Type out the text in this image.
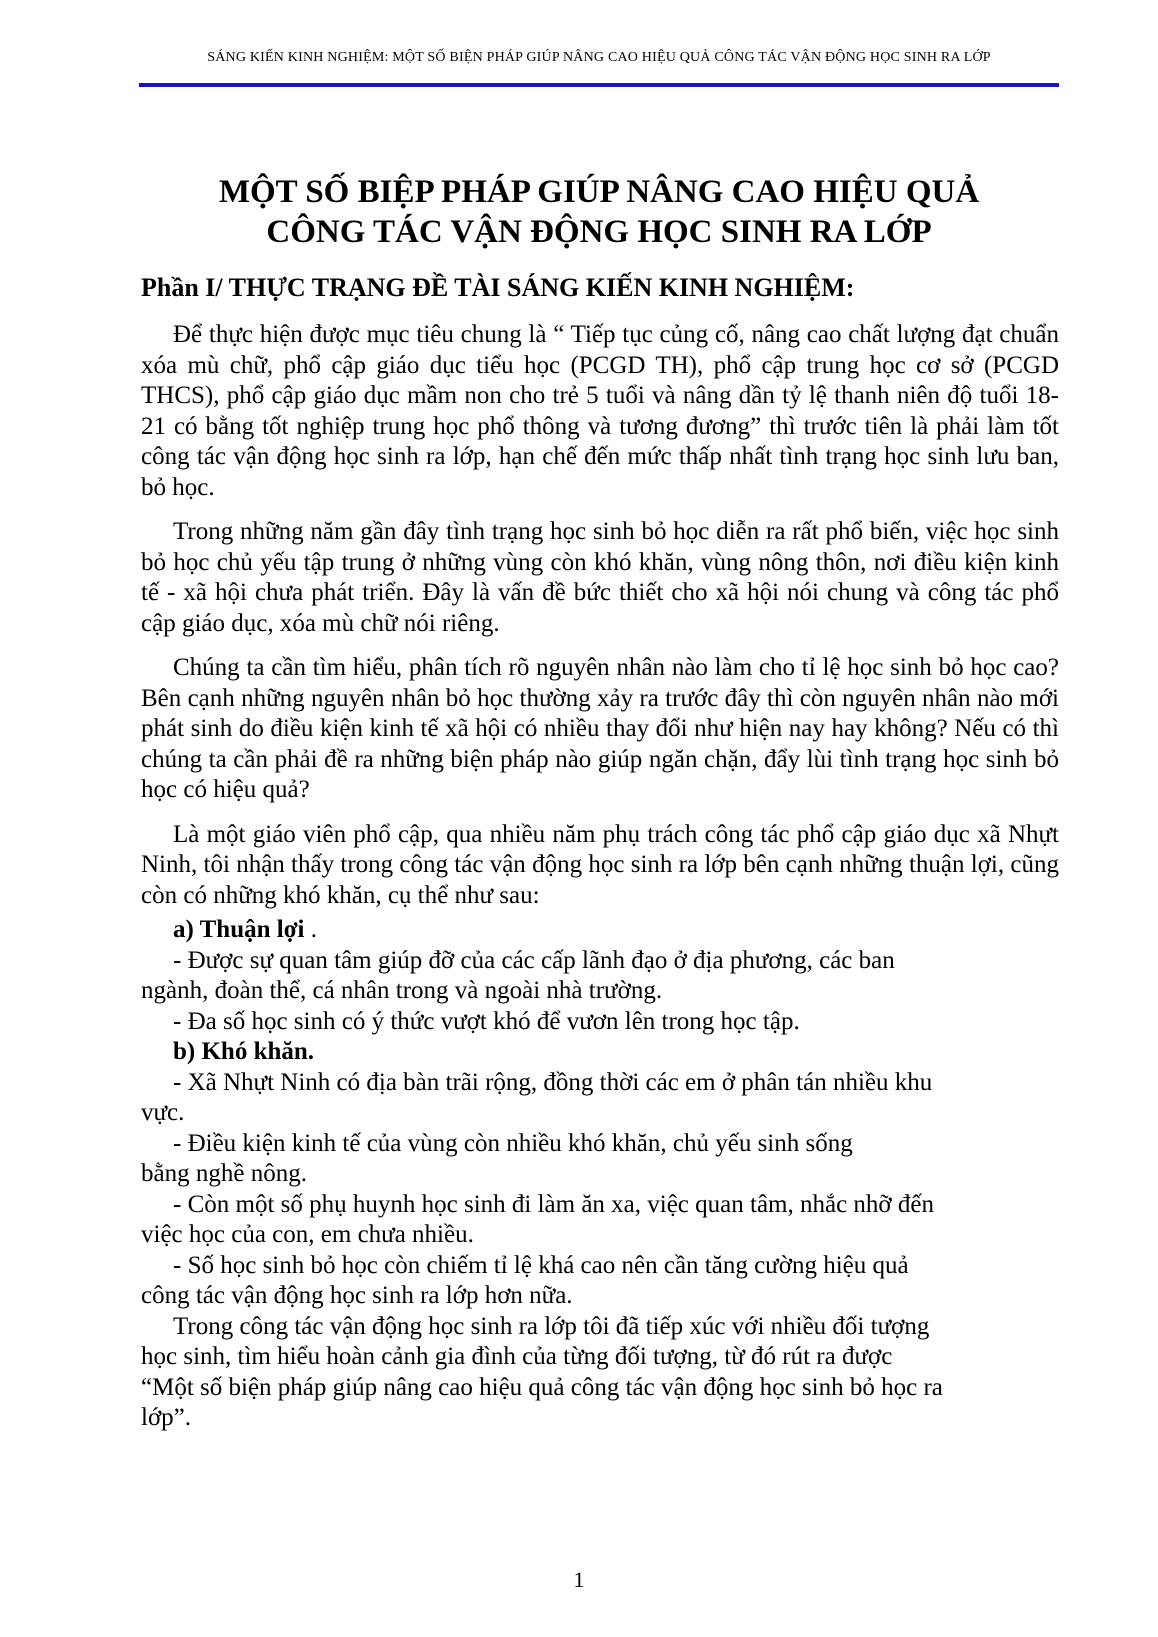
SÁNG KIẾN KINH NGHIỆM: MỘT SỐ BIỆN PHÁP GIÚP NÂNG CAO HIỆU QUẢ CÔNG TÁC VẬN ĐỘNG HỌC SINH RA LỚP
MỘT SỐ BIỆP PHÁP GIÚP NÂNG CAO HIỆU QUẢ
CÔNG TÁC VẬN ĐỘNG HỌC SINH RA LỚP
Phần I/ THỰC TRẠNG ĐỀ TÀI SÁNG KIẾN KINH NGHIỆM:

Để thực hiện được mục tiêu chung là “ Tiếp tục củng cố, nâng cao chất lượng đạt chuẩn xóa mù chữ, phổ cập giáo dục tiểu học (PCGD TH), phổ cập trung học cơ sở (PCGD THCS), phổ cập giáo dục mầm non cho trẻ 5 tuổi và nâng dần tỷ lệ thanh niên độ tuổi 18-21 có bằng tốt nghiệp trung học phổ thông và tương đương” thì trước tiên là phải làm tốt công tác vận động học sinh ra lớp, hạn chế đến mức thấp nhất tình trạng học sinh lưu ban, bỏ học.

Trong những năm gần đây tình trạng học sinh bỏ học diễn ra rất phổ biến, việc học sinh bỏ học chủ yếu tập trung ở những vùng còn khó khăn, vùng nông thôn, nơi điều kiện kinh tế - xã hội chưa phát triển. Đây là vấn đề bức thiết cho xã hội nói chung và công tác phổ cập giáo dục, xóa mù chữ nói riêng.

Chúng ta cần tìm hiểu, phân tích rõ nguyên nhân nào làm cho tỉ lệ học sinh bỏ học cao? Bên cạnh những nguyên nhân bỏ học thường xảy ra trước đây thì còn nguyên nhân nào mới phát sinh do điều kiện kinh tế xã hội có nhiều thay đổi như hiện nay hay không? Nếu có thì chúng ta cần phải đề ra những biện pháp nào giúp ngăn chặn, đẩy lùi tình trạng học sinh bỏ học có hiệu quả?

Là một giáo viên phổ cập, qua nhiều năm phụ trách công tác phổ cập giáo dục xã Nhựt Ninh, tôi nhận thấy trong công tác vận động học sinh ra lớp bên cạnh những thuận lợi, cũng còn có những khó khăn, cụ thể như sau:

a) Thuận lợi .
- Được sự quan tâm giúp đỡ của các cấp lãnh đạo ở địa phương, các ban
ngành, đoàn thể, cá nhân trong và ngoài nhà trường.
- Đa số học sinh có ý thức vượt khó để vươn lên trong học tập.
b) Khó khăn.
- Xã Nhựt Ninh có địa bàn trãi rộng, đồng thời các em ở phân tán nhiều khu
vực.
- Điều kiện kinh tế của vùng còn nhiều khó khăn, chủ yếu sinh sống
bằng nghề nông.
- Còn một số phụ huynh học sinh đi làm ăn xa, việc quan tâm, nhắc nhỡ đến
việc học của con, em chưa nhiều.
- Số học sinh bỏ học còn chiếm tỉ lệ khá cao nên cần tăng cường hiệu quả
công tác vận động học sinh ra lớp hơn nữa.
Trong công tác vận động học sinh ra lớp tôi đã tiếp xúc với nhiều đối tượng
học sinh, tìm hiểu hoàn cảnh gia đình của từng đối tượng, từ đó rút ra được
“Một số biện pháp giúp nâng cao hiệu quả công tác vận động học sinh bỏ học ra
lớp”.
1
